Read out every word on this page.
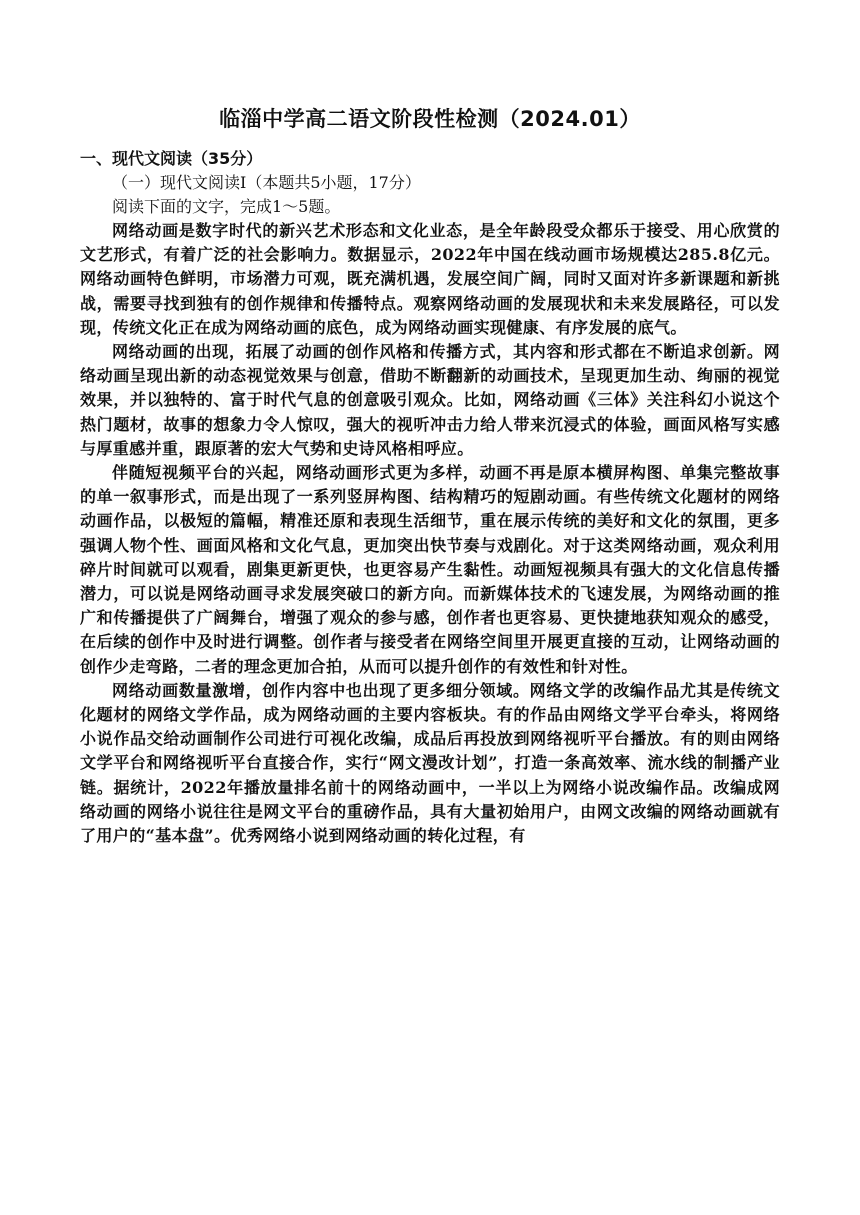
临淄中学高二语文阶段性检测（2024.01）

一、现代文阅读（35分）

（一）现代文阅读Ⅰ（本题共5小题，17分）

阅读下面的文字，完成1～5题。

网络动画是数字时代的新兴艺术形态和文化业态，是全年龄段受众都乐于接受、用心欣赏的文艺形式，有着广泛的社会影响力。数据显示，2022年中国在线动画市场规模达285.8亿元。网络动画特色鲜明，市场潜力可观，既充满机遇，发展空间广阔，同时又面对许多新课题和新挑战，需要寻找到独有的创作规律和传播特点。观察网络动画的发展现状和未来发展路径，可以发现，传统文化正在成为网络动画的底色，成为网络动画实现健康、有序发展的底气。

网络动画的出现，拓展了动画的创作风格和传播方式，其内容和形式都在不断追求创新。网络动画呈现出新的动态视觉效果与创意，借助不断翻新的动画技术，呈现更加生动、绚丽的视觉效果，并以独特的、富于时代气息的创意吸引观众。比如，网络动画《三体》关注科幻小说这个热门题材，故事的想象力令人惊叹，强大的视听冲击力给人带来沉浸式的体验，画面风格写实感与厚重感并重，跟原著的宏大气势和史诗风格相呼应。

伴随短视频平台的兴起，网络动画形式更为多样，动画不再是原本横屏构图、单集完整故事的单一叙事形式，而是出现了一系列竖屏构图、结构精巧的短剧动画。有些传统文化题材的网络动画作品，以极短的篇幅，精准还原和表现生活细节，重在展示传统的美好和文化的氛围，更多强调人物个性、画面风格和文化气息，更加突出快节奏与戏剧化。对于这类网络动画，观众利用碎片时间就可以观看，剧集更新更快，也更容易产生黏性。动画短视频具有强大的文化信息传播潜力，可以说是网络动画寻求发展突破口的新方向。而新媒体技术的飞速发展，为网络动画的推广和传播提供了广阔舞台，增强了观众的参与感，创作者也更容易、更快捷地获知观众的感受，在后续的创作中及时进行调整。创作者与接受者在网络空间里开展更直接的互动，让网络动画的创作少走弯路，二者的理念更加合拍，从而可以提升创作的有效性和针对性。

网络动画数量激增，创作内容中也出现了更多细分领域。网络文学的改编作品尤其是传统文化题材的网络文学作品，成为网络动画的主要内容板块。有的作品由网络文学平台牵头，将网络小说作品交给动画制作公司进行可视化改编，成品后再投放到网络视听平台播放。有的则由网络文学平台和网络视听平台直接合作，实行“网文漫改计划”，打造一条高效率、流水线的制播产业链。据统计，2022年播放量排名前十的网络动画中，一半以上为网络小说改编作品。改编成网络动画的网络小说往往是网文平台的重磅作品，具有大量初始用户，由网文改编的网络动画就有了用户的“基本盘”。优秀网络小说到网络动画的转化过程，有
